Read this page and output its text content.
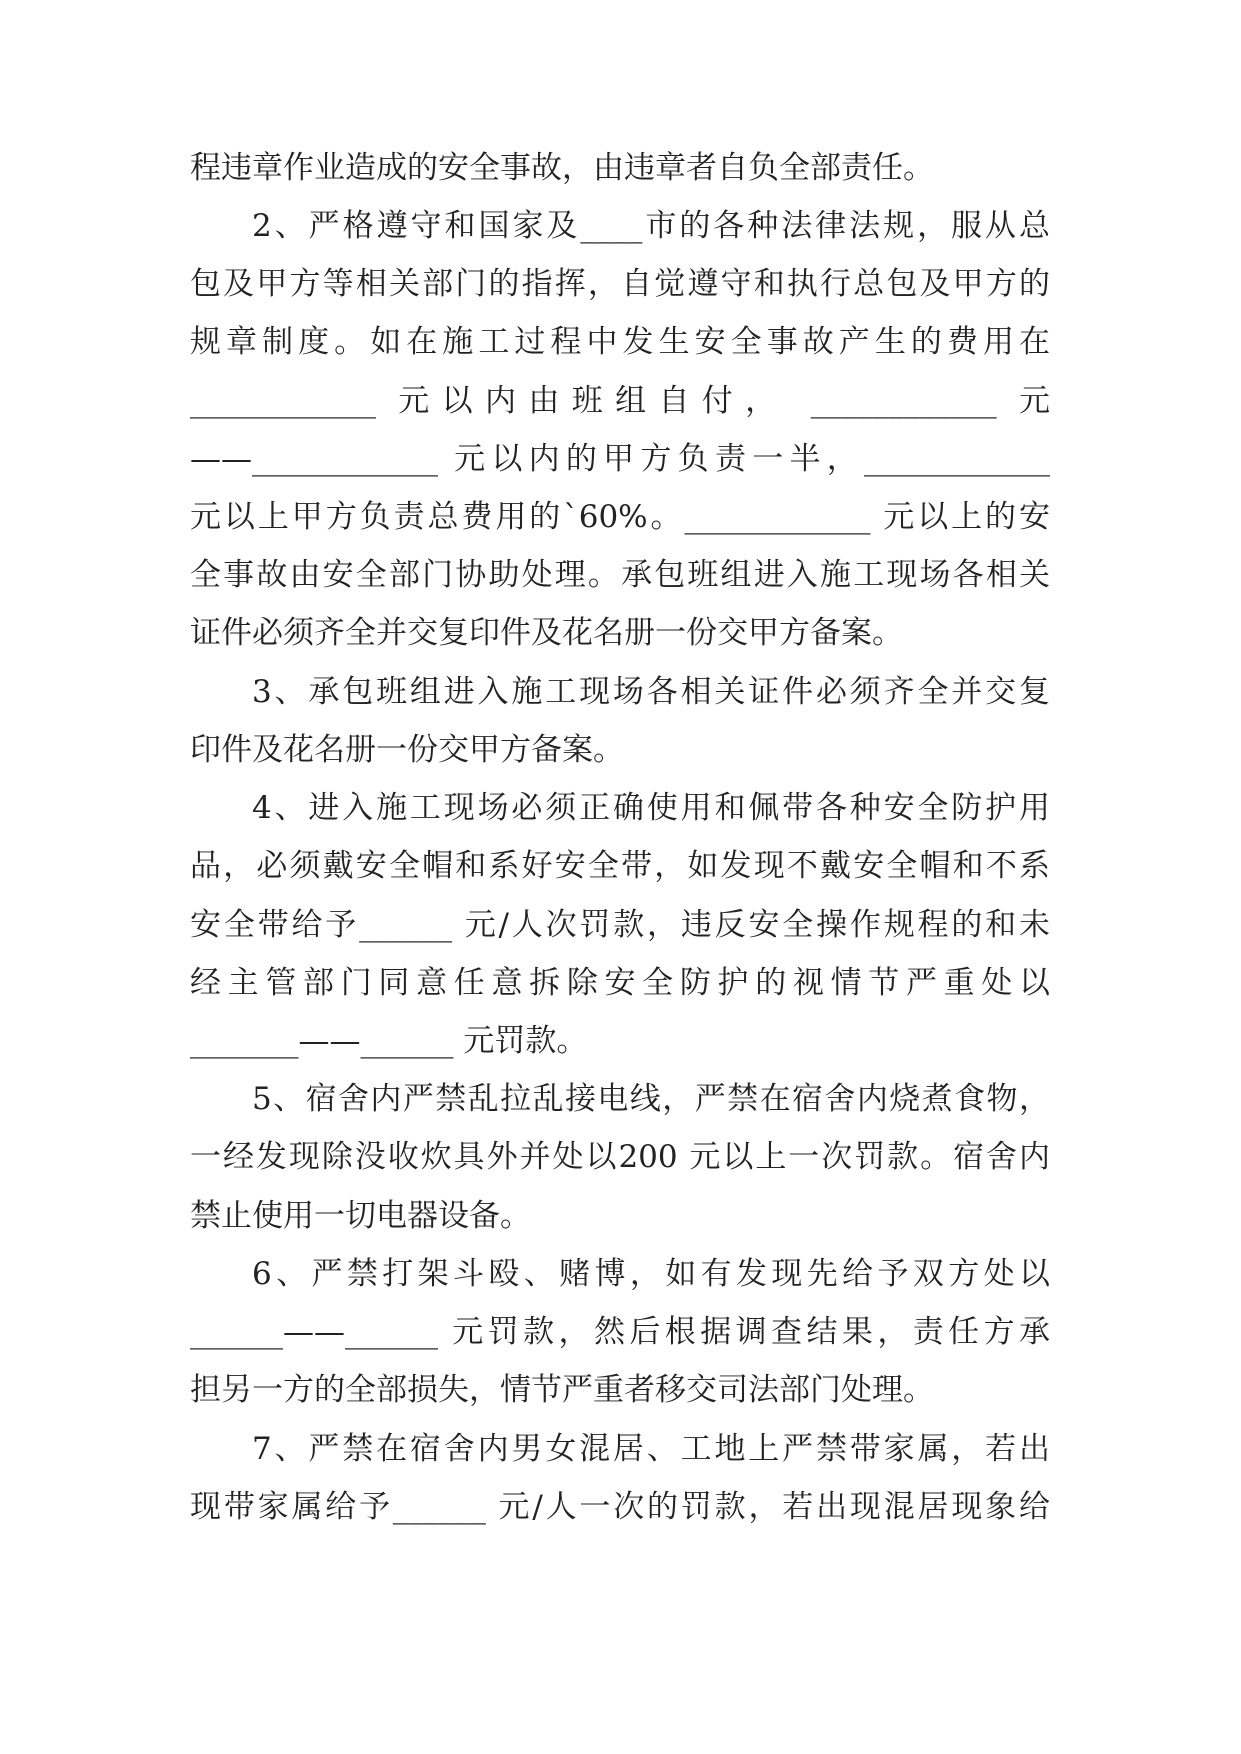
程违章作业造成的安全事故，由违章者自负全部责任。
2、严格遵守和国家及____市的各种法律法规，服从总
包及甲方等相关部门的指挥，自觉遵守和执行总包及甲方的
规章制度。如在施工过程中发生安全事故产生的费用在
____________ 元以内由班组自付， ____________ 元
——____________ 元以内的甲方负责一半，____________
元以上甲方负责总费用的`60%。____________ 元以上的安
全事故由安全部门协助处理。承包班组进入施工现场各相关
证件必须齐全并交复印件及花名册一份交甲方备案。
3、承包班组进入施工现场各相关证件必须齐全并交复
印件及花名册一份交甲方备案。
4、进入施工现场必须正确使用和佩带各种安全防护用
品，必须戴安全帽和系好安全带，如发现不戴安全帽和不系
安全带给予______ 元/人次罚款，违反安全操作规程的和未
经主管部门同意任意拆除安全防护的视情节严重处以
_______——______ 元罚款。
5、宿舍内严禁乱拉乱接电线，严禁在宿舍内烧煮食物，
一经发现除没收炊具外并处以200 元以上一次罚款。宿舍内
禁止使用一切电器设备。
6、严禁打架斗殴、赌博，如有发现先给予双方处以
______——______ 元罚款，然后根据调查结果，责任方承
担另一方的全部损失，情节严重者移交司法部门处理。
7、严禁在宿舍内男女混居、工地上严禁带家属，若出
现带家属给予______ 元/人一次的罚款，若出现混居现象给
